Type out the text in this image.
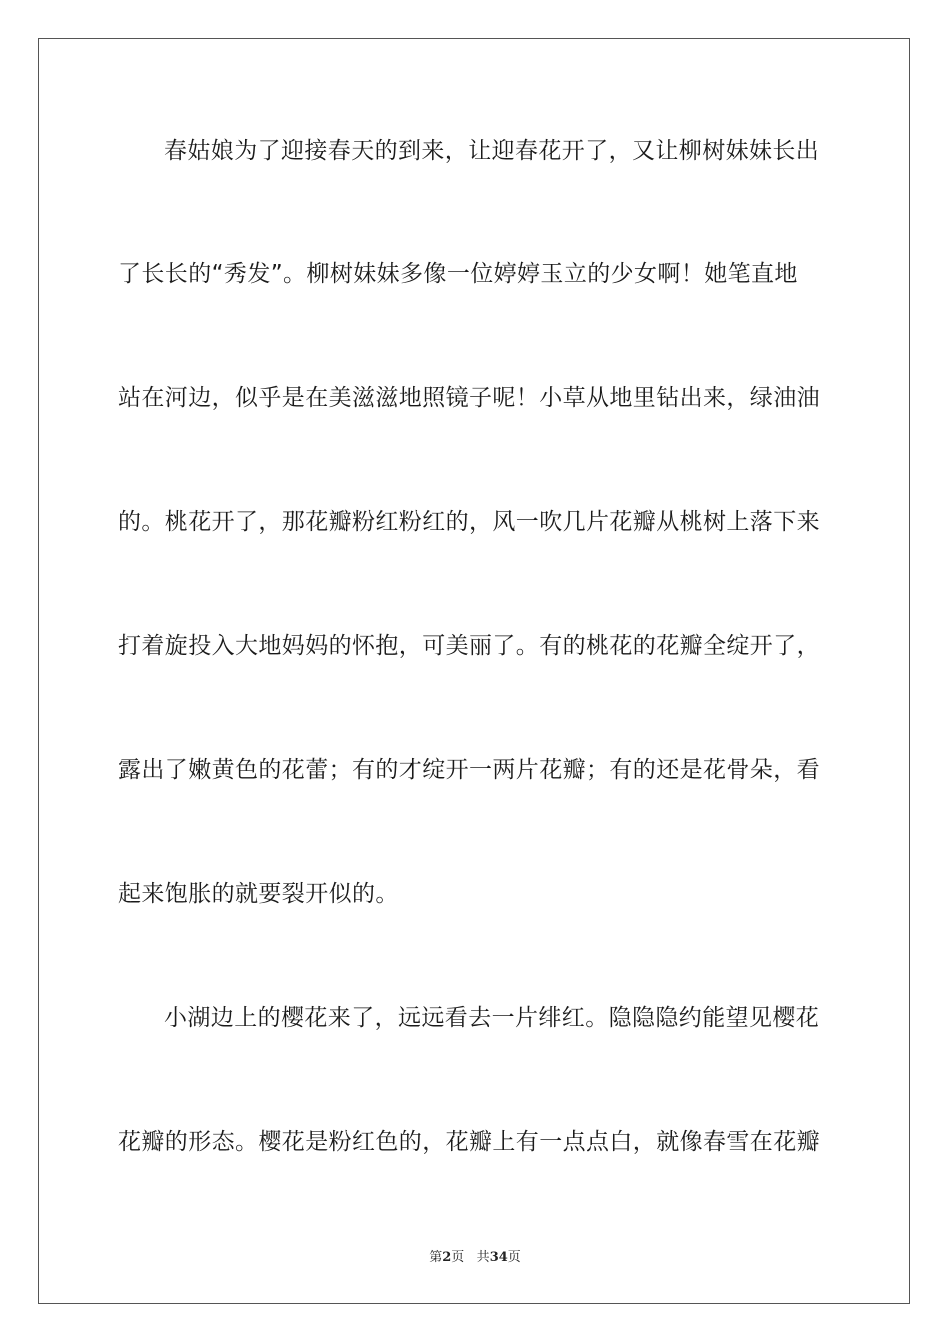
春姑娘为了迎接春天的到来，让迎春花开了，又让柳树妹妹长出
了长长的“秀发”。柳树妹妹多像一位婷婷玉立的少女啊！她笔直地
站在河边，似乎是在美滋滋地照镜子呢！小草从地里钻出来，绿油油
的。桃花开了，那花瓣粉红粉红的，风一吹几片花瓣从桃树上落下来
打着旋投入大地妈妈的怀抱，可美丽了。有的桃花的花瓣全绽开了，
露出了嫩黄色的花蕾；有的才绽开一两片花瓣；有的还是花骨朵，看
起来饱胀的就要裂开似的。
小湖边上的樱花来了，远远看去一片绯红。隐隐隐约能望见樱花
花瓣的形态。樱花是粉红色的，花瓣上有一点点白，就像春雪在花瓣
第2页 共34页
